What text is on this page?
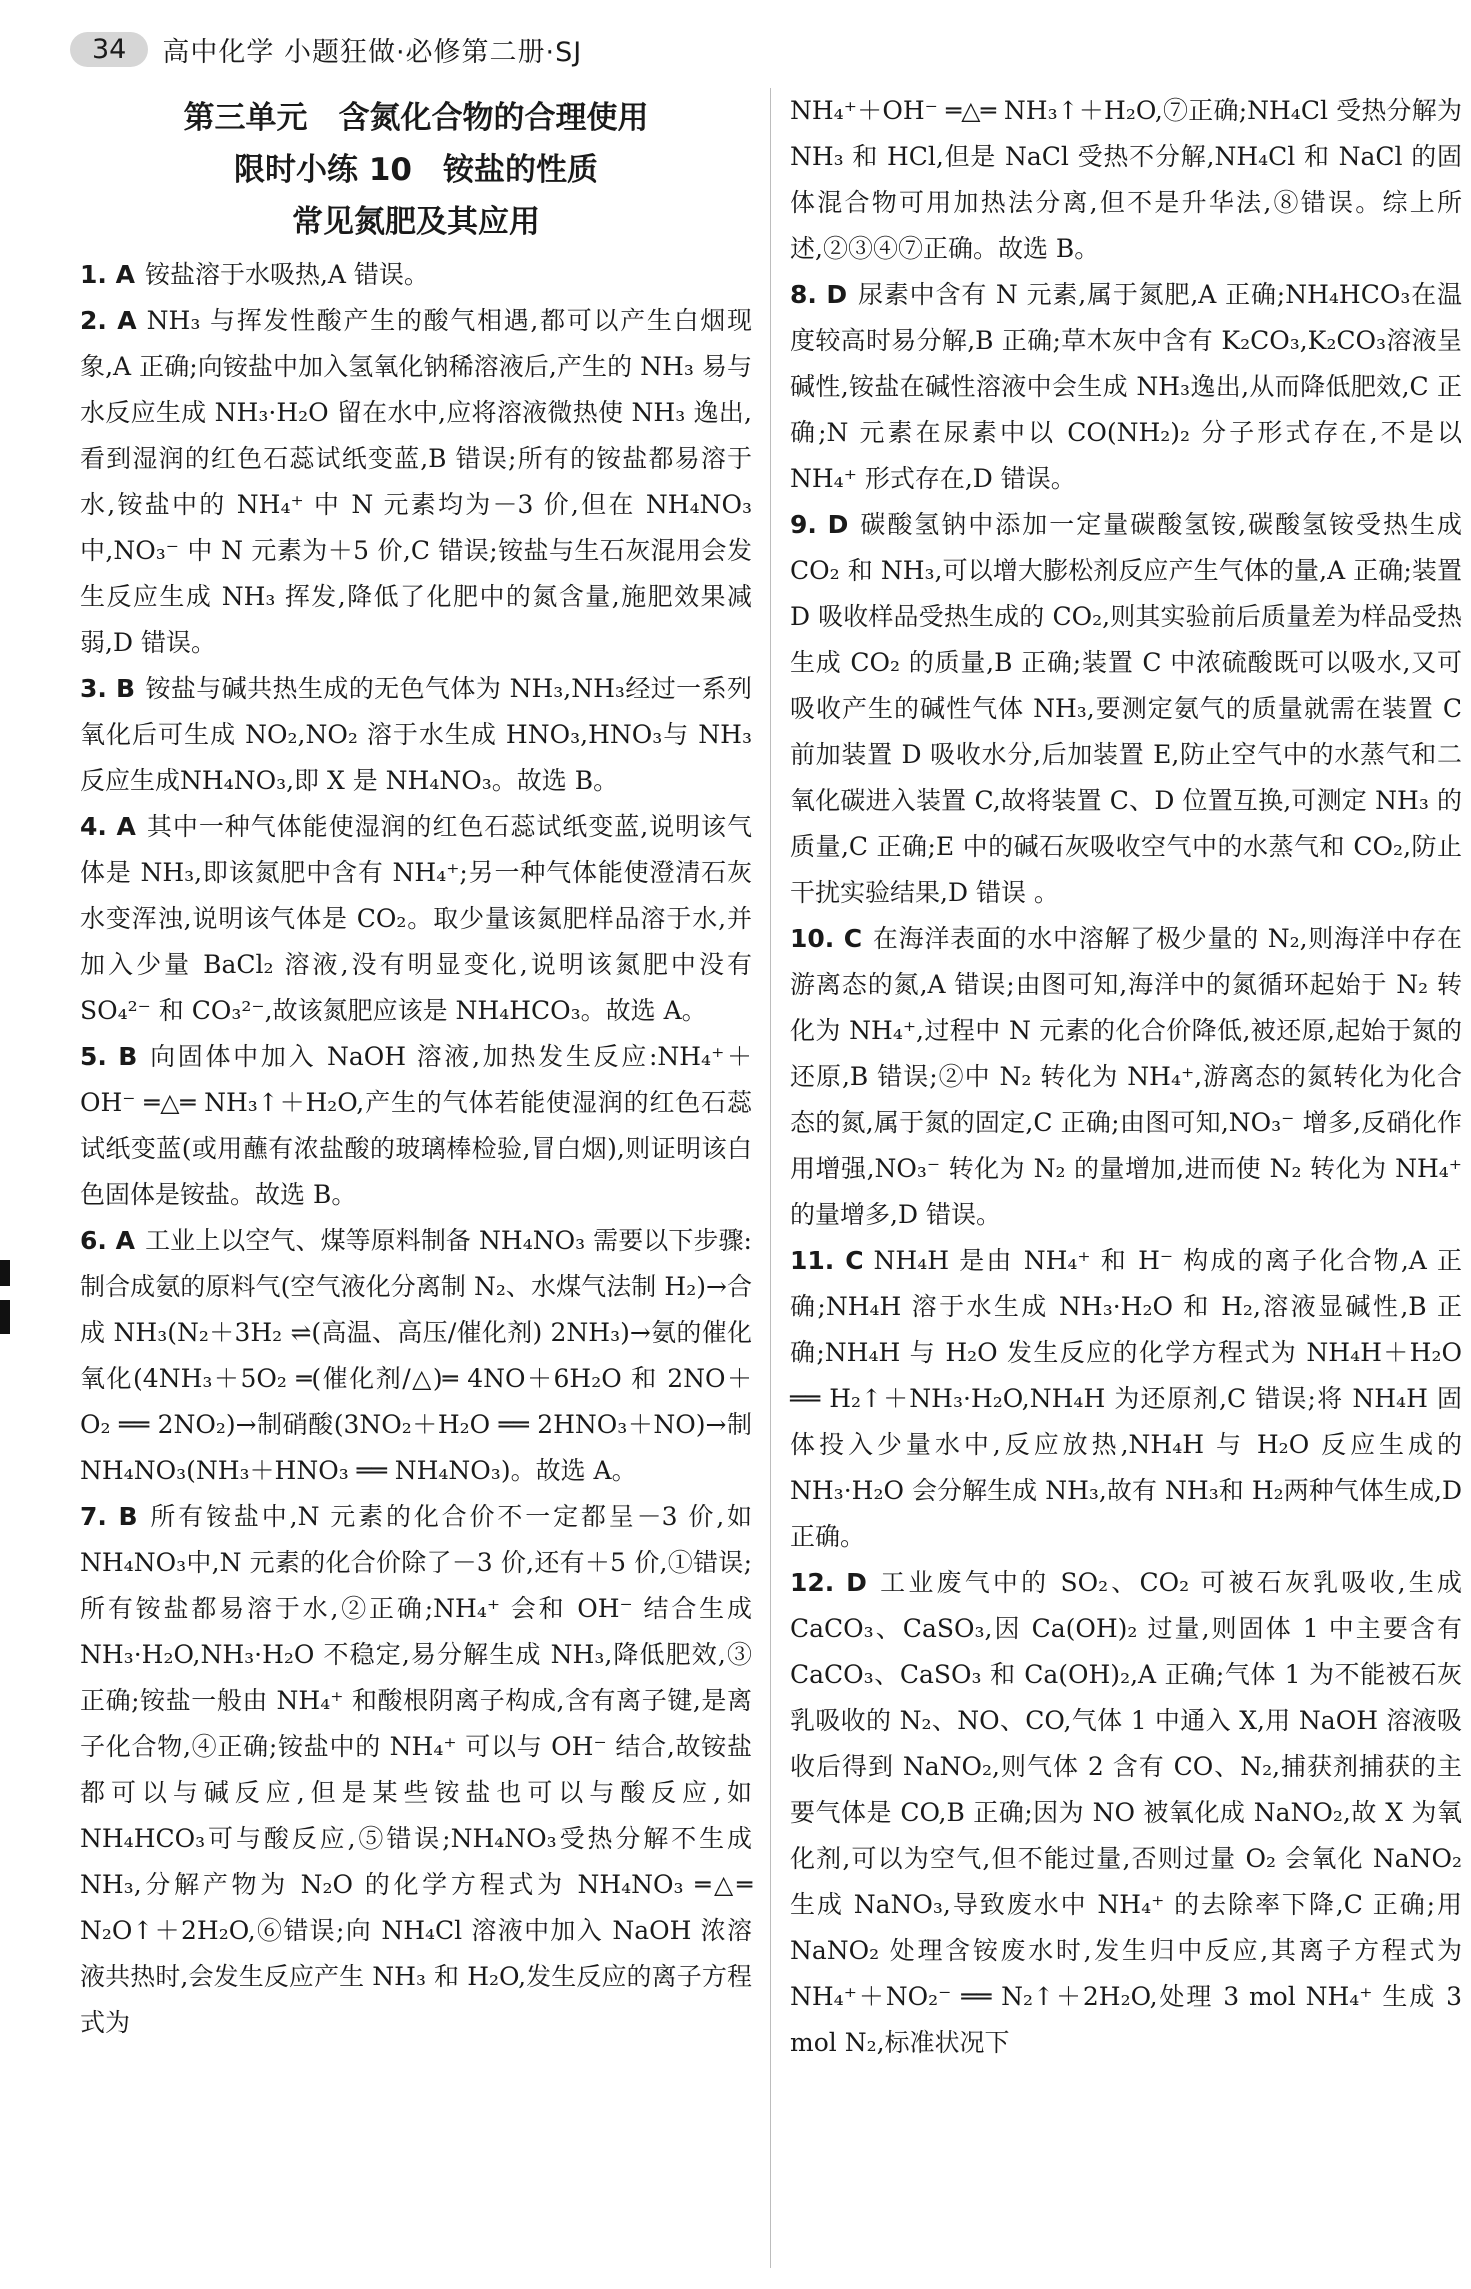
34	高中化学 小题狂做·必修第二册·SJ
第三单元　含氮化合物的合理使用
限时小练 10　铵盐的性质
常见氮肥及其应用

1. A 铵盐溶于水吸热,A 错误。

2. A NH₃ 与挥发性酸产生的酸气相遇,都可以产生白烟现象,A 正确;向铵盐中加入氢氧化钠稀溶液后,产生的 NH₃ 易与水反应生成 NH₃·H₂O 留在水中,应将溶液微热使 NH₃ 逸出,看到湿润的红色石蕊试纸变蓝,B 错误;所有的铵盐都易溶于水,铵盐中的 NH₄⁺ 中 N 元素均为－3 价,但在 NH₄NO₃ 中,NO₃⁻ 中 N 元素为＋5 价,C 错误;铵盐与生石灰混用会发生反应生成 NH₃ 挥发,降低了化肥中的氮含量,施肥效果减弱,D 错误。

3. B 铵盐与碱共热生成的无色气体为 NH₃,NH₃经过一系列氧化后可生成 NO₂,NO₂ 溶于水生成 HNO₃,HNO₃与 NH₃反应生成NH₄NO₃,即 X 是 NH₄NO₃。故选 B。

4. A 其中一种气体能使湿润的红色石蕊试纸变蓝,说明该气体是 NH₃,即该氮肥中含有 NH₄⁺;另一种气体能使澄清石灰水变浑浊,说明该气体是 CO₂。取少量该氮肥样品溶于水,并加入少量 BaCl₂ 溶液,没有明显变化,说明该氮肥中没有 SO₄²⁻ 和 CO₃²⁻,故该氮肥应该是 NH₄HCO₃。故选 A。

5. B 向固体中加入 NaOH 溶液,加热发生反应:NH₄⁺＋OH⁻ ═△═ NH₃↑＋H₂O,产生的气体若能使湿润的红色石蕊试纸变蓝(或用蘸有浓盐酸的玻璃棒检验,冒白烟),则证明该白色固体是铵盐。故选 B。

6. A 工业上以空气、煤等原料制备 NH₄NO₃ 需要以下步骤:制合成氨的原料气(空气液化分离制 N₂、水煤气法制 H₂)→合成 NH₃(N₂＋3H₂ ⇌(高温、高压/催化剂) 2NH₃)→氨的催化氧化(4NH₃＋5O₂ ═(催化剂/△)═ 4NO＋6H₂O 和 2NO＋O₂ ══ 2NO₂)→制硝酸(3NO₂＋H₂O ══ 2HNO₃＋NO)→制 NH₄NO₃(NH₃＋HNO₃ ══ NH₄NO₃)。故选 A。

7. B 所有铵盐中,N 元素的化合价不一定都呈－3 价,如NH₄NO₃中,N 元素的化合价除了－3 价,还有＋5 价,①错误;所有铵盐都易溶于水,②正确;NH₄⁺ 会和 OH⁻ 结合生成NH₃·H₂O,NH₃·H₂O 不稳定,易分解生成 NH₃,降低肥效,③正确;铵盐一般由 NH₄⁺ 和酸根阴离子构成,含有离子键,是离子化合物,④正确;铵盐中的 NH₄⁺ 可以与 OH⁻ 结合,故铵盐都可以与碱反应,但是某些铵盐也可以与酸反应,如 NH₄HCO₃可与酸反应,⑤错误;NH₄NO₃受热分解不生成 NH₃,分解产物为 N₂O 的化学方程式为 NH₄NO₃ ═△═ N₂O↑＋2H₂O,⑥错误;向 NH₄Cl 溶液中加入 NaOH 浓溶液共热时,会发生反应产生 NH₃ 和 H₂O,发生反应的离子方程式为

NH₄⁺＋OH⁻ ═△═ NH₃↑＋H₂O,⑦正确;NH₄Cl 受热分解为 NH₃ 和 HCl,但是 NaCl 受热不分解,NH₄Cl 和 NaCl 的固体混合物可用加热法分离,但不是升华法,⑧错误。综上所述,②③④⑦正确。故选 B。

8. D 尿素中含有 N 元素,属于氮肥,A 正确;NH₄HCO₃在温度较高时易分解,B 正确;草木灰中含有 K₂CO₃,K₂CO₃溶液呈碱性,铵盐在碱性溶液中会生成 NH₃逸出,从而降低肥效,C 正确;N 元素在尿素中以 CO(NH₂)₂ 分子形式存在,不是以 NH₄⁺ 形式存在,D 错误。

9. D 碳酸氢钠中添加一定量碳酸氢铵,碳酸氢铵受热生成 CO₂ 和 NH₃,可以增大膨松剂反应产生气体的量,A 正确;装置 D 吸收样品受热生成的 CO₂,则其实验前后质量差为样品受热生成 CO₂ 的质量,B 正确;装置 C 中浓硫酸既可以吸水,又可吸收产生的碱性气体 NH₃,要测定氨气的质量就需在装置 C 前加装置 D 吸收水分,后加装置 E,防止空气中的水蒸气和二氧化碳进入装置 C,故将装置 C、D 位置互换,可测定 NH₃ 的质量,C 正确;E 中的碱石灰吸收空气中的水蒸气和 CO₂,防止干扰实验结果,D 错误 。

10. C 在海洋表面的水中溶解了极少量的 N₂,则海洋中存在游离态的氮,A 错误;由图可知,海洋中的氮循环起始于 N₂ 转化为 NH₄⁺,过程中 N 元素的化合价降低,被还原,起始于氮的还原,B 错误;②中 N₂ 转化为 NH₄⁺,游离态的氮转化为化合态的氮,属于氮的固定,C 正确;由图可知,NO₃⁻ 增多,反硝化作用增强,NO₃⁻ 转化为 N₂ 的量增加,进而使 N₂ 转化为 NH₄⁺ 的量增多,D 错误。

11. C NH₄H 是由 NH₄⁺ 和 H⁻ 构成的离子化合物,A 正确;NH₄H 溶于水生成 NH₃·H₂O 和 H₂,溶液显碱性,B 正确;NH₄H 与 H₂O 发生反应的化学方程式为 NH₄H＋H₂O ══ H₂↑＋NH₃·H₂O,NH₄H 为还原剂,C 错误;将 NH₄H 固体投入少量水中,反应放热,NH₄H 与 H₂O 反应生成的 NH₃·H₂O 会分解生成 NH₃,故有 NH₃和 H₂两种气体生成,D 正确。

12. D 工业废气中的 SO₂、CO₂ 可被石灰乳吸收,生成 CaCO₃、CaSO₃,因 Ca(OH)₂ 过量,则固体 1 中主要含有 CaCO₃、CaSO₃ 和 Ca(OH)₂,A 正确;气体 1 为不能被石灰乳吸收的 N₂、NO、CO,气体 1 中通入 X,用 NaOH 溶液吸收后得到 NaNO₂,则气体 2 含有 CO、N₂,捕获剂捕获的主要气体是 CO,B 正确;因为 NO 被氧化成 NaNO₂,故 X 为氧化剂,可以为空气,但不能过量,否则过量 O₂ 会氧化 NaNO₂ 生成 NaNO₃,导致废水中 NH₄⁺ 的去除率下降,C 正确;用 NaNO₂ 处理含铵废水时,发生归中反应,其离子方程式为 NH₄⁺＋NO₂⁻ ══ N₂↑＋2H₂O,处理 3 mol NH₄⁺ 生成 3 mol N₂,标准状况下
